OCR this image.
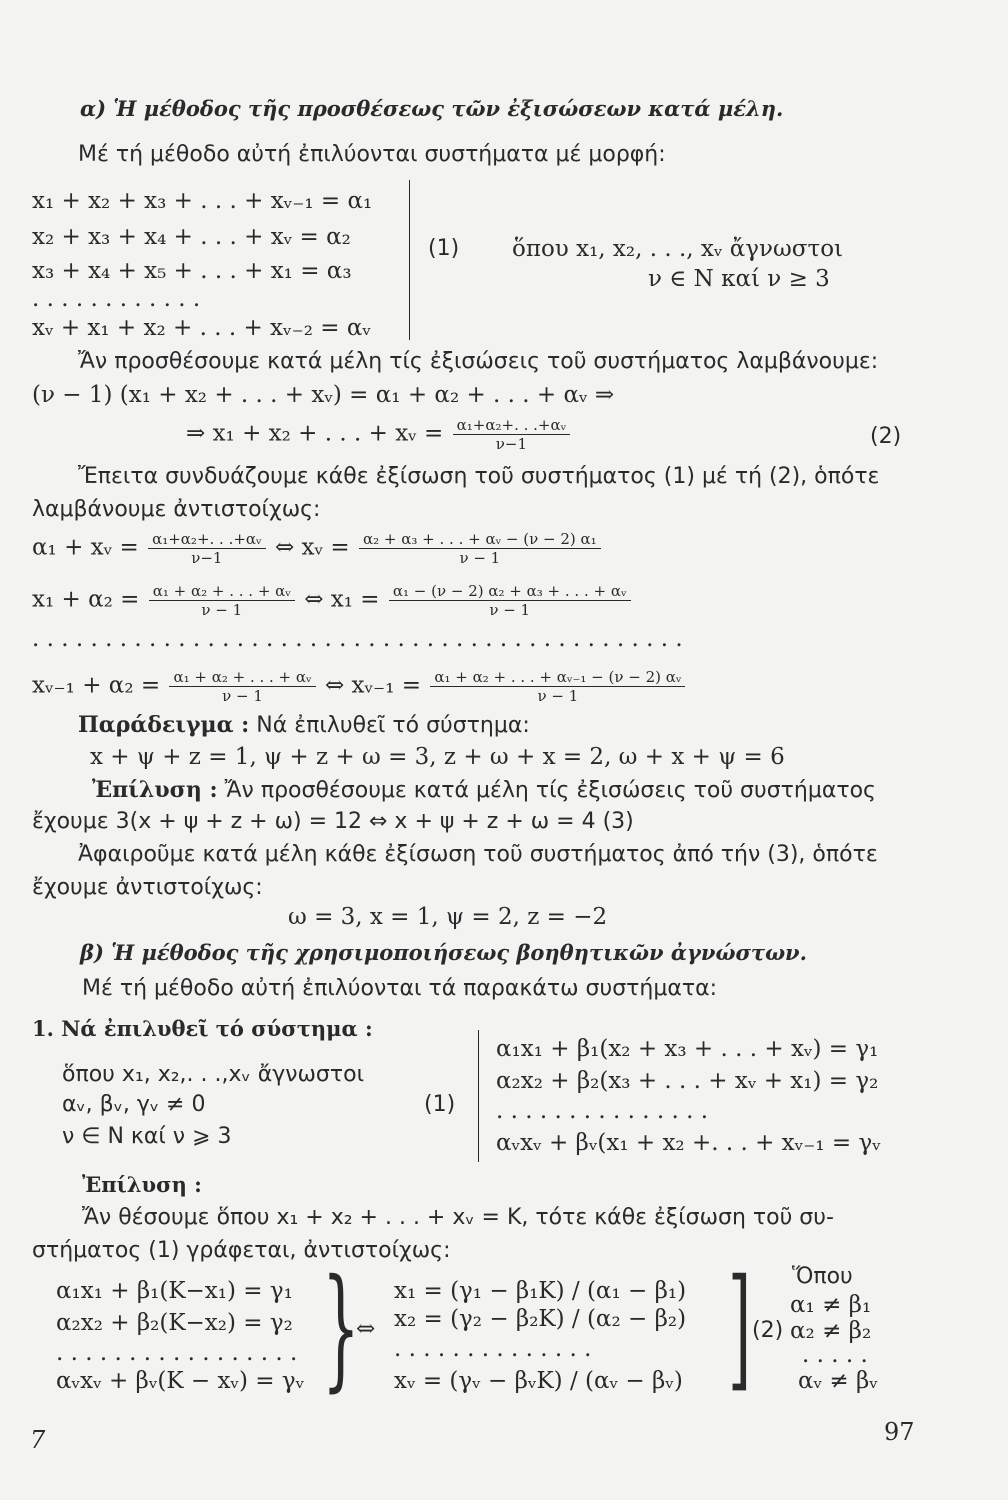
α) Ἡ μέθοδος τῆς προσθέσεως τῶν ἐξισώσεων κατά μέλη.
Μέ τή μέθοδο αὐτή ἐπιλύονται συστήματα μέ μορφή:
x₁ + x₂ + x₃ + . . . + xᵥ₋₁ = α₁
x₂ + x₃ + x₄ + . . . + xᵥ = α₂
x₃ + x₄ + x₅ + . . . + x₁ = α₃
. . . . . . . . . . . .
xᵥ + x₁ + x₂ + . . . + xᵥ₋₂ = αᵥ
(1) ὅπου x₁, x₂, . . ., xᵥ ἄγνωστοι
ν ∈ N καί ν ≥ 3
Ἄν προσθέσουμε κατά μέλη τίς ἐξισώσεις τοῦ συστήματος λαμβάνουμε:
(ν − 1) (x₁ + x₂ + . . . + xᵥ) = α₁ + α₂ + . . . + αᵥ ⇒
⇒ x₁ + x₂ + . . . + xᵥ = $\frac{\text{α₁+α₂+. . .+αᵥ}}{\nu-1}$	(2)
Ἔπειτα συνδυάζουμε κάθε ἐξίσωση τοῦ συστήματος (1) μέ τή (2), ὁπότε
λαμβάνουμε ἀντιστοίχως:
α₁ + xᵥ = $\frac{\text{α₁+α₂+. . .+αᵥ}}{\nu-1}$ ⇔ xᵥ = $\frac{\text{α₂ + α₃ + . . . + αᵥ − (ν − 2) α₁}}{\nu - 1}$
$x_1 + \alpha_2 = \frac{\text{α₁ + α₂ + . . . + αᵥ}}{\nu - 1}$ ⇔ $x_1 = \frac{\text{α₁ − (ν − 2) α₂ + α₃ + . . . + αᵥ}}{\nu - 1}$
. . . . . . . . . . . . . . . . . . . . . . . . . . . . . . . . . . . . . . . . . . . . .
xᵥ₋₁ + $\alpha_2 = \frac{\text{α₁ + α₂ + . . . + αᵥ}}{\nu - 1}$ ⇔ xᵥ₋₁ = $\frac{\text{α₁ + α₂ + . . . + αᵥ₋₁ − (ν − 2) αᵥ}}{\nu - 1}$
Παράδειγμα : Νά ἐπιλυθεῖ τό σύστημα:
x + ψ + z = 1, ψ + z + ω = 3, z + ω + x = 2, ω + x + ψ = 6
Ἐπίλυση : Ἄν προσθέσουμε κατά μέλη τίς ἐξισώσεις τοῦ συστήματος
ἔχουμε 3(x + ψ + z + ω) = 12 ⇔ x + ψ + z + ω = 4 (3)
Ἀφαιροῦμε κατά μέλη κάθε ἐξίσωση τοῦ συστήματος ἀπό τήν (3), ὁπότε
ἔχουμε ἀντιστοίχως:
ω = 3, x = 1, ψ = 2, z = −2
β) Ἡ μέθοδος τῆς χρησιμοποιήσεως βοηθητικῶν ἀγνώστων.
Μέ τή μέθοδο αὐτή ἐπιλύονται τά παρακάτω συστήματα:
1. Νά ἐπιλυθεῖ τό σύστημα :
ὅπου x₁, x₂,. . .,xᵥ ἄγνωστοι
αᵥ, βᵥ, γᵥ ≠ 0
ν ∈ N καί ν ⩾ 3
(1)
α₁x₁ + β₁(x₂ + x₃ + . . . + xᵥ) = γ₁
α₂x₂ + β₂(x₃ + . . . + xᵥ + x₁) = γ₂
. . . . . . . . . . . . . . .
αᵥxᵥ + βᵥ(x₁ + x₂ +. . . + xᵥ₋₁ = γᵥ
Ἐπίλυση :
Ἄν θέσουμε ὅπου x₁ + x₂ + . . . + xᵥ = K, τότε κάθε ἐξίσωση τοῦ συ-
στήματος (1) γράφεται, ἀντιστοίχως:
α₁x₁ + β₁(K−x₁) = γ₁
α₂x₂ + β₂(K−x₂) = γ₂
. . . . . . . . . . . . . . . . .
αᵥxᵥ + βᵥ(K − xᵥ) = γᵥ }
⇔
x₁ = (γ₁ − β₁K) / (α₁ − β₁)
x₂ = (γ₂ − β₂K) / (α₂ − β₂)
. . . . . . . . . . . . . .
xᵥ = (γᵥ − βᵥK) / (αᵥ − βᵥ) ] (2)
Ὅπου
α₁ ≠ β₁
α₂ ≠ β₂
. . . . .
αᵥ ≠ βᵥ
7	97
